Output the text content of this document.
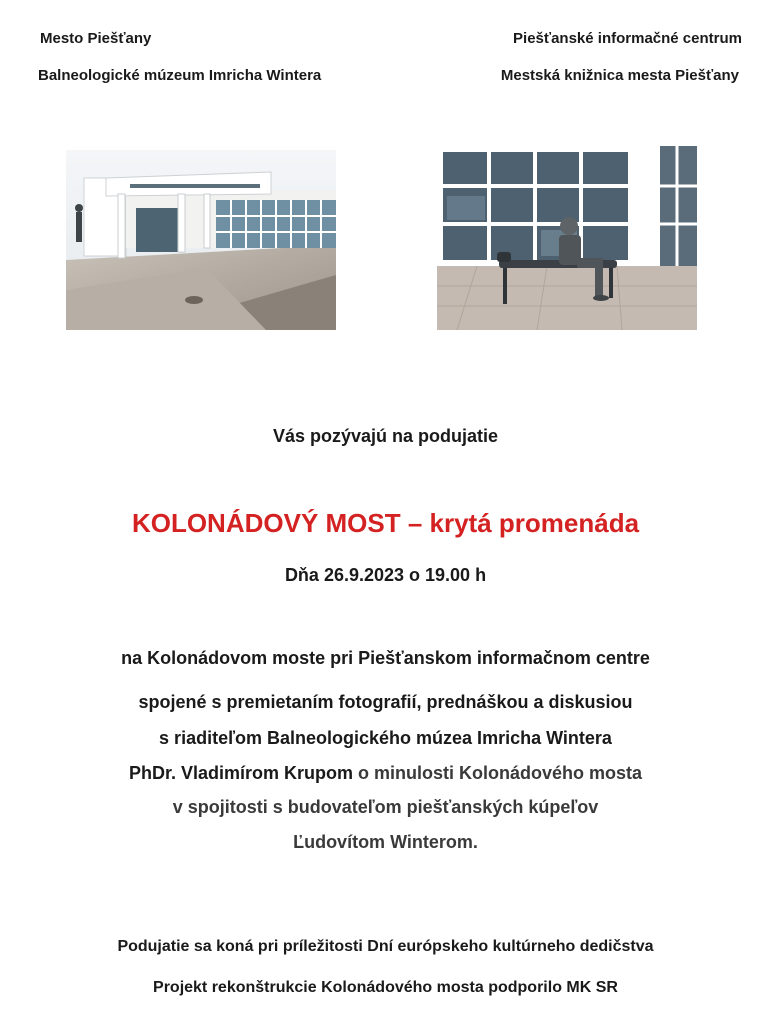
Mesto Piešťany
Balneologické múzeum Imricha Wintera
Piešťanské informačné centrum
Mestská knižnica mesta Piešťany
Vás pozývajú na podujatie
KOLONÁDOVÝ MOST – krytá promenáda
Dňa 26.9.2023 o 19.00 h
na Kolonádovom moste pri Piešťanskom informačnom centre
spojené s premietaním fotografií, prednáškou a diskusiou
s riaditeľom Balneologického múzea Imricha Wintera
PhDr. Vladimírom Krupom o minulosti Kolonádového mosta
v spojitosti s budovateľom piešťanských kúpeľov
Ľudovítom Winterom.
Podujatie sa koná pri príležitosti Dní európskeho kultúrneho dedičstva
Projekt rekonštrukcie Kolonádového mosta podporilo MK SR
